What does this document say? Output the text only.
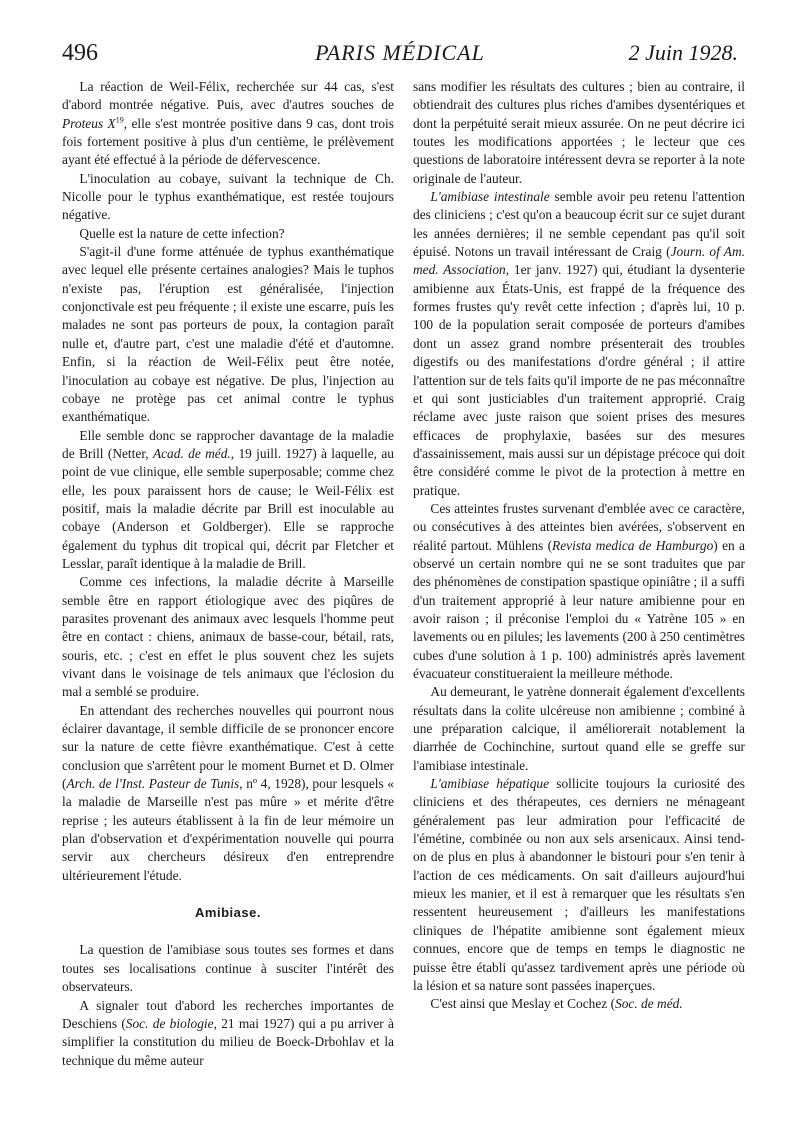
496	PARIS MÉDICAL	2 Juin 1928.

La réaction de Weil-Félix, recherchée sur 44 cas, s'est d'abord montrée négative. Puis, avec d'autres souches de Proteus $X^{19}$, elle s'est montrée positive dans 9 cas, dont trois fois fortement positive à plus d'un centième, le prélèvement ayant été effectué à la période de défervescence.

L'inoculation au cobaye, suivant la technique de Ch. Nicolle pour le typhus exanthématique, est restée toujours négative.

Quelle est la nature de cette infection?

S'agit-il d'une forme atténuée de typhus exanthématique avec lequel elle présente certaines analogies? Mais le tuphos n'existe pas, l'éruption est généralisée, l'injection conjonctivale est peu fréquente ; il existe une escarre, puis les malades ne sont pas porteurs de poux, la contagion paraît nulle et, d'autre part, c'est une maladie d'été et d'automne. Enfin, si la réaction de Weil-Félix peut être notée, l'inoculation au cobaye est négative. De plus, l'injection au cobaye ne protège pas cet animal contre le typhus exanthématique.

Elle semble donc se rapprocher davantage de la maladie de Brill (Netter, Acad. de méd., 19 juill. 1927) à laquelle, au point de vue clinique, elle semble superposable; comme chez elle, les poux paraissent hors de cause; le Weil-Félix est positif, mais la maladie décrite par Brill est inoculable au cobaye (Anderson et Goldberger). Elle se rapproche également du typhus dit tropical qui, décrit par Fletcher et Lesslar, paraît identique à la maladie de Brill.

Comme ces infections, la maladie décrite à Marseille semble être en rapport étiologique avec des piqûres de parasites provenant des animaux avec lesquels l'homme peut être en contact : chiens, animaux de basse-cour, bétail, rats, souris, etc. ; c'est en effet le plus souvent chez les sujets vivant dans le voisinage de tels animaux que l'éclosion du mal a semblé se produire.

En attendant des recherches nouvelles qui pourront nous éclairer davantage, il semble difficile de se prononcer encore sur la nature de cette fièvre exanthématique. C'est à cette conclusion que s'arrêtent pour le moment Burnet et D. Olmer (Arch. de l'Inst. Pasteur de Tunis, nº 4, 1928), pour lesquels « la maladie de Marseille n'est pas mûre » et mérite d'être reprise ; les auteurs établissent à la fin de leur mémoire un plan d'observation et d'expérimentation nouvelle qui pourra servir aux chercheurs désireux d'en entreprendre ultérieurement l'étude.

Amibiase.

La question de l'amibiase sous toutes ses formes et dans toutes ses localisations continue à susciter l'intérêt des observateurs.

A signaler tout d'abord les recherches importantes de Deschiens (Soc. de biologie, 21 mai 1927) qui a pu arriver à simplifier la constitution du milieu de Boeck-Drbohlav et la technique du même auteur

sans modifier les résultats des cultures ; bien au contraire, il obtiendrait des cultures plus riches d'amibes dysentériques et dont la perpétuité serait mieux assurée. On ne peut décrire ici toutes les modifications apportées ; le lecteur que ces questions de laboratoire intéressent devra se reporter à la note originale de l'auteur.

L'amibiase intestinale semble avoir peu retenu l'attention des cliniciens ; c'est qu'on a beaucoup écrit sur ce sujet durant les années dernières; il ne semble cependant pas qu'il soit épuisé. Notons un travail intéressant de Craig (Journ. of Am. med. Association, 1er janv. 1927) qui, étudiant la dysenterie amibienne aux États-Unis, est frappé de la fréquence des formes frustes qu'y revêt cette infection ; d'après lui, 10 p. 100 de la population serait composée de porteurs d'amibes dont un assez grand nombre présenterait des troubles digestifs ou des manifestations d'ordre général ; il attire l'attention sur de tels faits qu'il importe de ne pas méconnaître et qui sont justiciables d'un traitement approprié. Craig réclame avec juste raison que soient prises des mesures efficaces de prophylaxie, basées sur des mesures d'assainissement, mais aussi sur un dépistage précoce qui doit être considéré comme le pivot de la protection à mettre en pratique.

Ces atteintes frustes survenant d'emblée avec ce caractère, ou consécutives à des atteintes bien avérées, s'observent en réalité partout. Mühlens (Revista medica de Hamburgo) en a observé un certain nombre qui ne se sont traduites que par des phénomènes de constipation spastique opiniâtre ; il a suffi d'un traitement approprié à leur nature amibienne pour en avoir raison ; il préconise l'emploi du « Yatrène 105 » en lavements ou en pilules; les lavements (200 à 250 centimètres cubes d'une solution à 1 p. 100) administrés après lavement évacuateur constitueraient la meilleure méthode.

Au demeurant, le yatrène donnerait également d'excellents résultats dans la colite ulcéreuse non amibienne ; combiné à une préparation calcique, il améliorerait notablement la diarrhée de Cochinchine, surtout quand elle se greffe sur l'amibiase intestinale.

L'amibiase hépatique sollicite toujours la curiosité des cliniciens et des thérapeutes, ces derniers ne ménageant généralement pas leur admiration pour l'efficacité de l'émétine, combinée ou non aux sels arsenicaux. Ainsi tend-on de plus en plus à abandonner le bistouri pour s'en tenir à l'action de ces médicaments. On sait d'ailleurs aujourd'hui mieux les manier, et il est à remarquer que les résultats s'en ressentent heureusement ; d'ailleurs les manifestations cliniques de l'hépatite amibienne sont également mieux connues, encore que de temps en temps le diagnostic ne puisse être établi qu'assez tardivement après une période où la lésion et sa nature sont passées inaperçues.

C'est ainsi que Meslay et Cochez (Soc. de méd.
